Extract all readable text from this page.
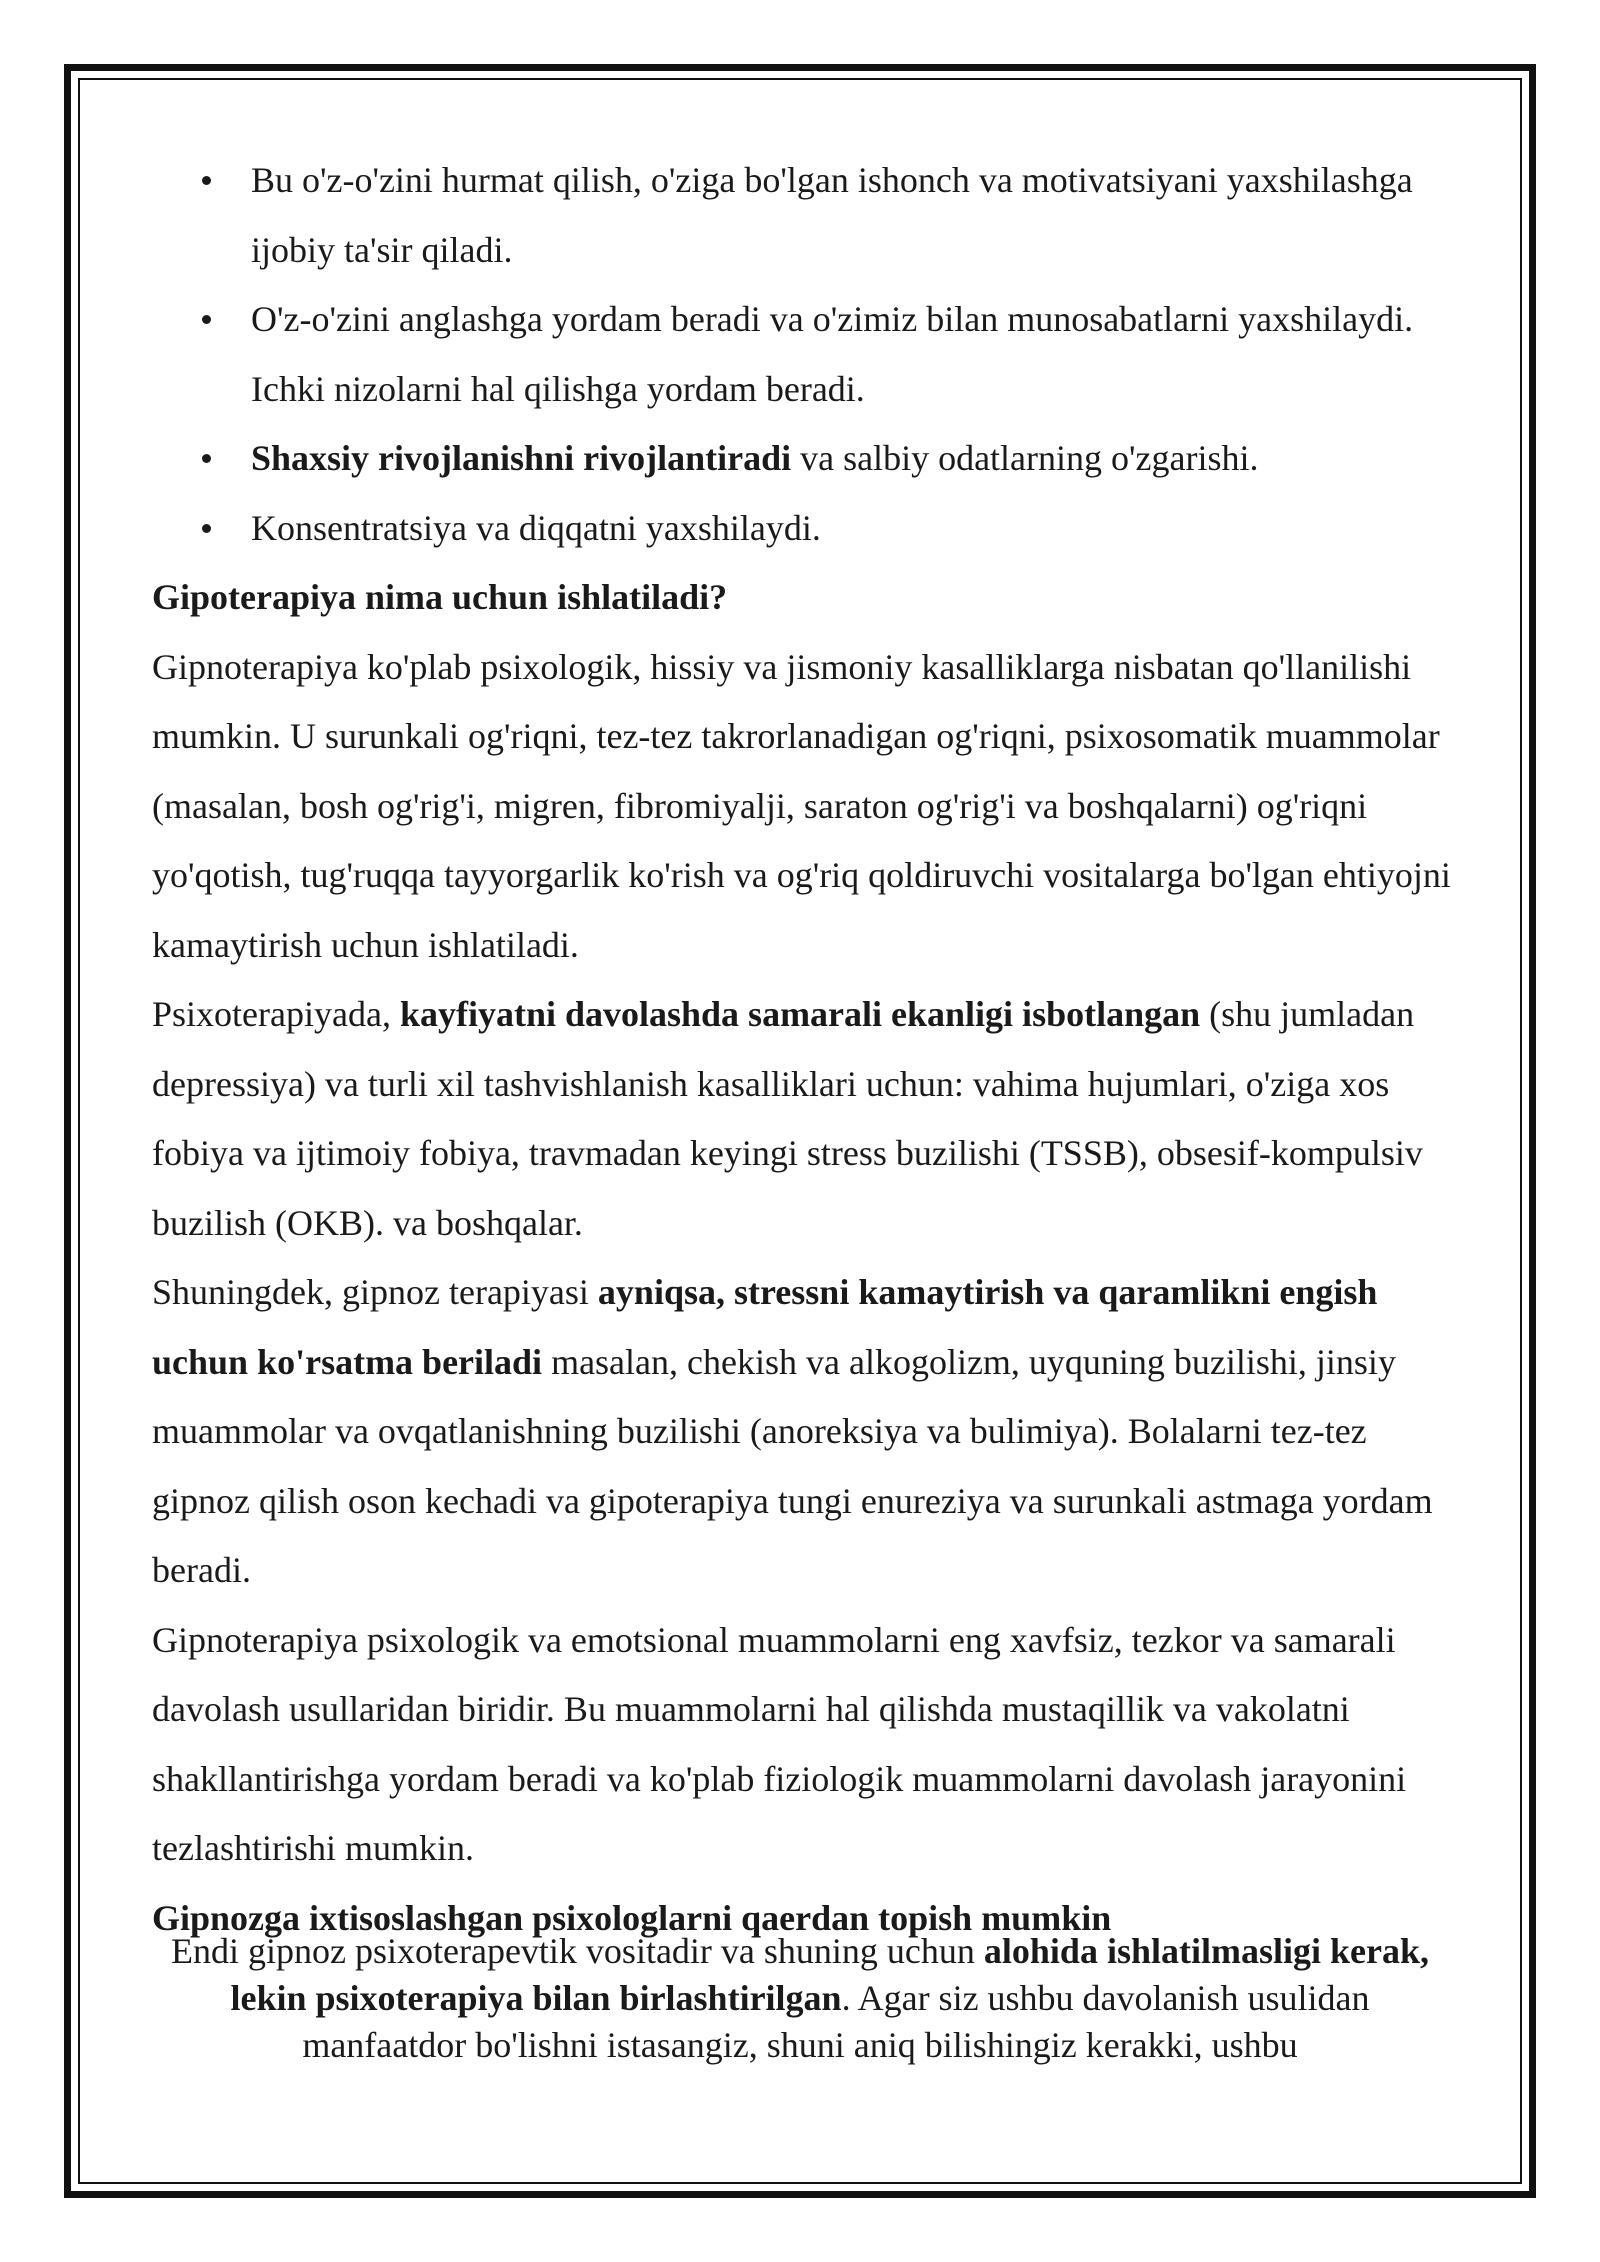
Bu o'z-o'zini hurmat qilish, o'ziga bo'lgan ishonch va motivatsiyani yaxshilashga ijobiy ta'sir qiladi.
O'z-o'zini anglashga yordam beradi va o'zimiz bilan munosabatlarni yaxshilaydi. Ichki nizolarni hal qilishga yordam beradi.
Shaxsiy rivojlanishni rivojlantiradi va salbiy odatlarning o'zgarishi.
Konsentratsiya va diqqatni yaxshilaydi.

Gipoterapiya nima uchun ishlatiladi?

Gipnoterapiya ko'plab psixologik, hissiy va jismoniy kasalliklarga nisbatan qo'llanilishi mumkin. U surunkali og'riqni, tez-tez takrorlanadigan og'riqni, psixosomatik muammolar (masalan, bosh og'rig'i, migren, fibromiyalji, saraton og'rig'i va boshqalarni) og'riqni yo'qotish, tug'ruqqa tayyorgarlik ko'rish va og'riq qoldiruvchi vositalarga bo'lgan ehtiyojni kamaytirish uchun ishlatiladi.

Psixoterapiyada, kayfiyatni davolashda samarali ekanligi isbotlangan (shu jumladan depressiya) va turli xil tashvishlanish kasalliklari uchun: vahima hujumlari, o'ziga xos fobiya va ijtimoiy fobiya, travmadan keyingi stress buzilishi (TSSB), obsesif-kompulsiv buzilish (OKB). va boshqalar.

Shuningdek, gipnoz terapiyasi ayniqsa, stressni kamaytirish va qaramlikni engish uchun ko'rsatma beriladi masalan, chekish va alkogolizm, uyquning buzilishi, jinsiy muammolar va ovqatlanishning buzilishi (anoreksiya va bulimiya). Bolalarni tez-tez gipnoz qilish oson kechadi va gipoterapiya tungi enureziya va surunkali astmaga yordam beradi.

Gipnoterapiya psixologik va emotsional muammolarni eng xavfsiz, tezkor va samarali davolash usullaridan biridir. Bu muammolarni hal qilishda mustaqillik va vakolatni shakllantirishga yordam beradi va ko'plab fiziologik muammolarni davolash jarayonini tezlashtirishi mumkin.

Gipnozga ixtisoslashgan psixologlarni qaerdan topish mumkin

Endi gipnoz psixoterapevtik vositadir va shuning uchun alohida ishlatilmasligi kerak, lekin psixoterapiya bilan birlashtirilgan. Agar siz ushbu davolanish usulidan manfaatdor bo'lishni istasangiz, shuni aniq bilishingiz kerakki, ushbu
